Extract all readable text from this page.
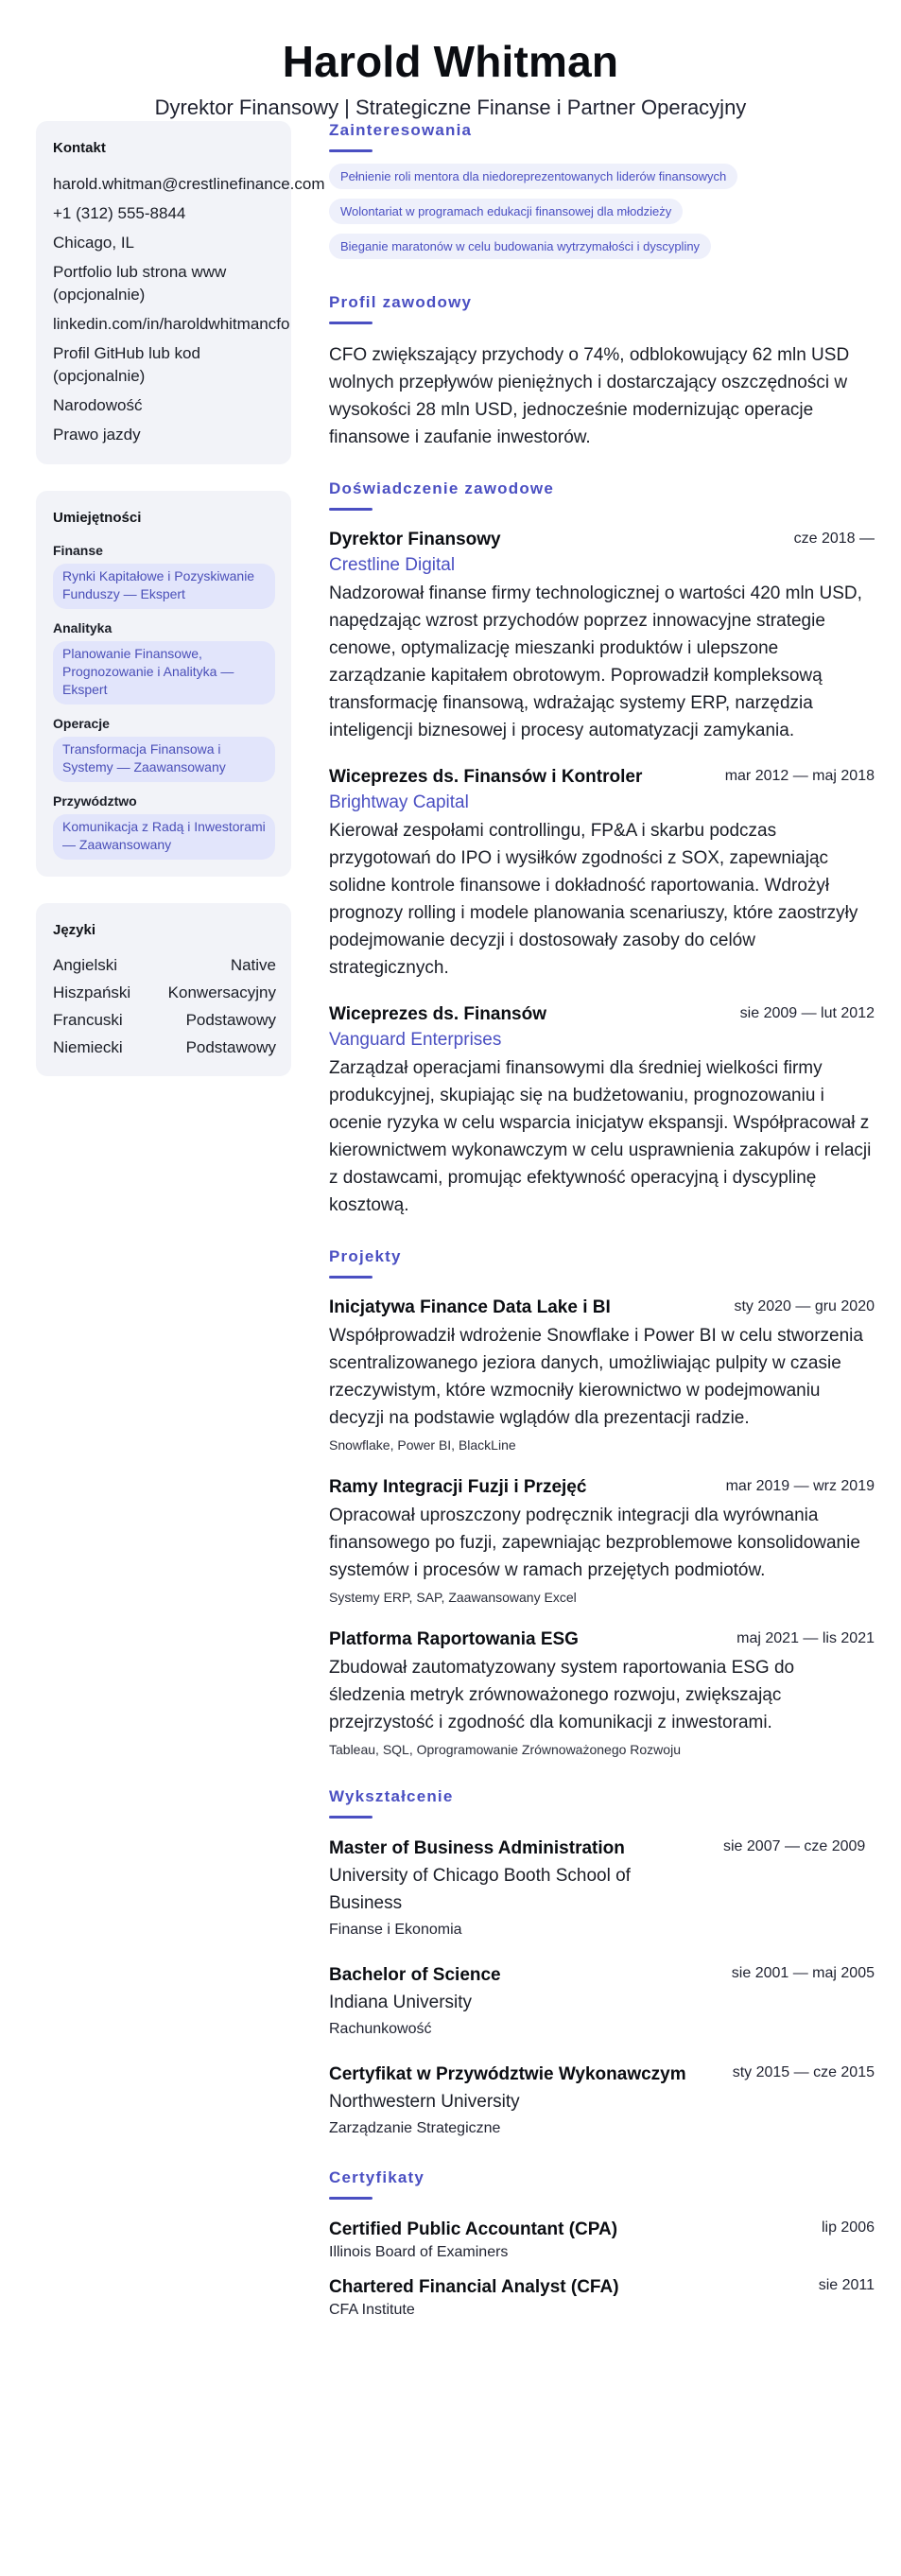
Harold Whitman
Dyrektor Finansowy | Strategiczne Finanse i Partner Operacyjny
Kontakt
harold.whitman@crestlinefinance.com
+1 (312) 555-8844
Chicago, IL
Portfolio lub strona www (opcjonalnie)
linkedin.com/in/haroldwhitmancfo
Profil GitHub lub kod (opcjonalnie)
Narodowość
Prawo jazdy
Umiejętności
Finanse
Rynki Kapitałowe i Pozyskiwanie Funduszy — Ekspert
Analityka
Planowanie Finansowe, Prognozowanie i Analityka — Ekspert
Operacje
Transformacja Finansowa i Systemy — Zaawansowany
Przywództwo
Komunikacja z Radą i Inwestorami — Zaawansowany
Języki
Angielski	Native
Hiszpański Konwersacyjny
Francuski	Podstawowy
Niemiecki	Podstawowy
Zainteresowania
Pełnienie roli mentora dla niedoreprezentowanych liderów finansowych
Wolontariat w programach edukacji finansowej dla młodzieży
Bieganie maratonów w celu budowania wytrzymałości i dyscypliny
Profil zawodowy
CFO zwiększający przychody o 74%, odblokowujący 62 mln USD wolnych przepływów pieniężnych i dostarczający oszczędności w wysokości 28 mln USD, jednocześnie modernizując operacje finansowe i zaufanie inwestorów.
Doświadczenie zawodowe
Dyrektor Finansowy	cze 2018 —
Crestline Digital
Nadzorował finanse firmy technologicznej o wartości 420 mln USD, napędzając wzrost przychodów poprzez innowacyjne strategie cenowe, optymalizację mieszanki produktów i ulepszone zarządzanie kapitałem obrotowym. Poprowadził kompleksową transformację finansową, wdrażając systemy ERP, narzędzia inteligencji biznesowej i procesy automatyzacji zamykania.
Wiceprezes ds. Finansów i Kontroler	mar 2012 — maj 2018
Brightway Capital
Kierował zespołami controllingu, FP&A i skarbu podczas przygotowań do IPO i wysiłków zgodności z SOX, zapewniając solidne kontrole finansowe i dokładność raportowania. Wdrożył prognozy rolling i modele planowania scenariuszy, które zaostrzyły podejmowanie decyzji i dostosowały zasoby do celów strategicznych.
Wiceprezes ds. Finansów	sie 2009 — lut 2012
Vanguard Enterprises
Zarządzał operacjami finansowymi dla średniej wielkości firmy produkcyjnej, skupiając się na budżetowaniu, prognozowaniu i ocenie ryzyka w celu wsparcia inicjatyw ekspansji. Współpracował z kierownictwem wykonawczym w celu usprawnienia zakupów i relacji z dostawcami, promując efektywność operacyjną i dyscyplinę kosztową.
Projekty
Inicjatywa Finance Data Lake i BI	sty 2020 — gru 2020
Współprowadził wdrożenie Snowflake i Power BI w celu stworzenia scentralizowanego jeziora danych, umożliwiając pulpity w czasie rzeczywistym, które wzmocniły kierownictwo w podejmowaniu decyzji na podstawie wglądów dla prezentacji radzie.
Snowflake, Power BI, BlackLine
Ramy Integracji Fuzji i Przejęć	mar 2019 — wrz 2019
Opracował uproszczony podręcznik integracji dla wyrównania finansowego po fuzji, zapewniając bezproblemowe konsolidowanie systemów i procesów w ramach przejętych podmiotów.
Systemy ERP, SAP, Zaawansowany Excel
Platforma Raportowania ESG	maj 2021 — lis 2021
Zbudował zautomatyzowany system raportowania ESG do śledzenia metryk zrównoważonego rozwoju, zwiększając przejrzystość i zgodność dla komunikacji z inwestorami.
Tableau, SQL, Oprogramowanie Zrównoważonego Rozwoju
Wykształcenie
Master of Business Administration
University of Chicago Booth School of Business
Finanse i Ekonomia
sie 2007 — cze 2009
Bachelor of Science
Indiana University
Rachunkowość
sie 2001 — maj 2005
Certyfikat w Przywództwie Wykonawczym
Northwestern University
Zarządzanie Strategiczne
sty 2015 — cze 2015
Certyfikaty
Certified Public Accountant (CPA)	lip 2006
Illinois Board of Examiners
Chartered Financial Analyst (CFA)	sie 2011
CFA Institute
